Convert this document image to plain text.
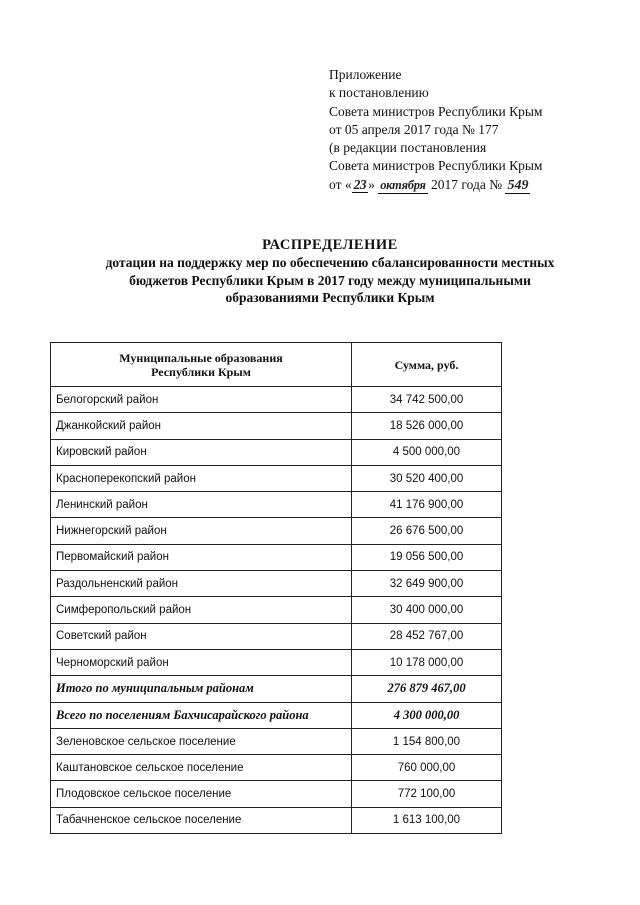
Приложение
к постановлению
Совета министров Республики Крым
от 05 апреля 2017 года № 177
(в редакции постановления
Совета министров Республики Крым
от « 23 » октября 2017 года № 549
РАСПРЕДЕЛЕНИЕ
дотации на поддержку мер по обеспечению сбалансированности местных
бюджетов Республики Крым в 2017 году между муниципальными
образованиями Республики Крым
Муниципальные образования
Республики Крым	Сумма, руб.
Белогорский район	34 742 500,00
Джанкойский район	18 526 000,00
Кировский район	4 500 000,00
Красноперекопский район	30 520 400,00
Ленинский район	41 176 900,00
Нижнегорский район	26 676 500,00
Первомайский район	19 056 500,00
Раздольненский район	32 649 900,00
Симферопольский район	30 400 000,00
Советский район	28 452 767,00
Черноморский район	10 178 000,00
Итого по муниципальным районам	276 879 467,00
Всего по поселениям Бахчисарайского района	4 300 000,00
Зеленовское сельское поселение	1 154 800,00
Каштановское сельское поселение	760 000,00
Плодовское сельское поселение	772 100,00
Табачненское сельское поселение	1 613 100,00
